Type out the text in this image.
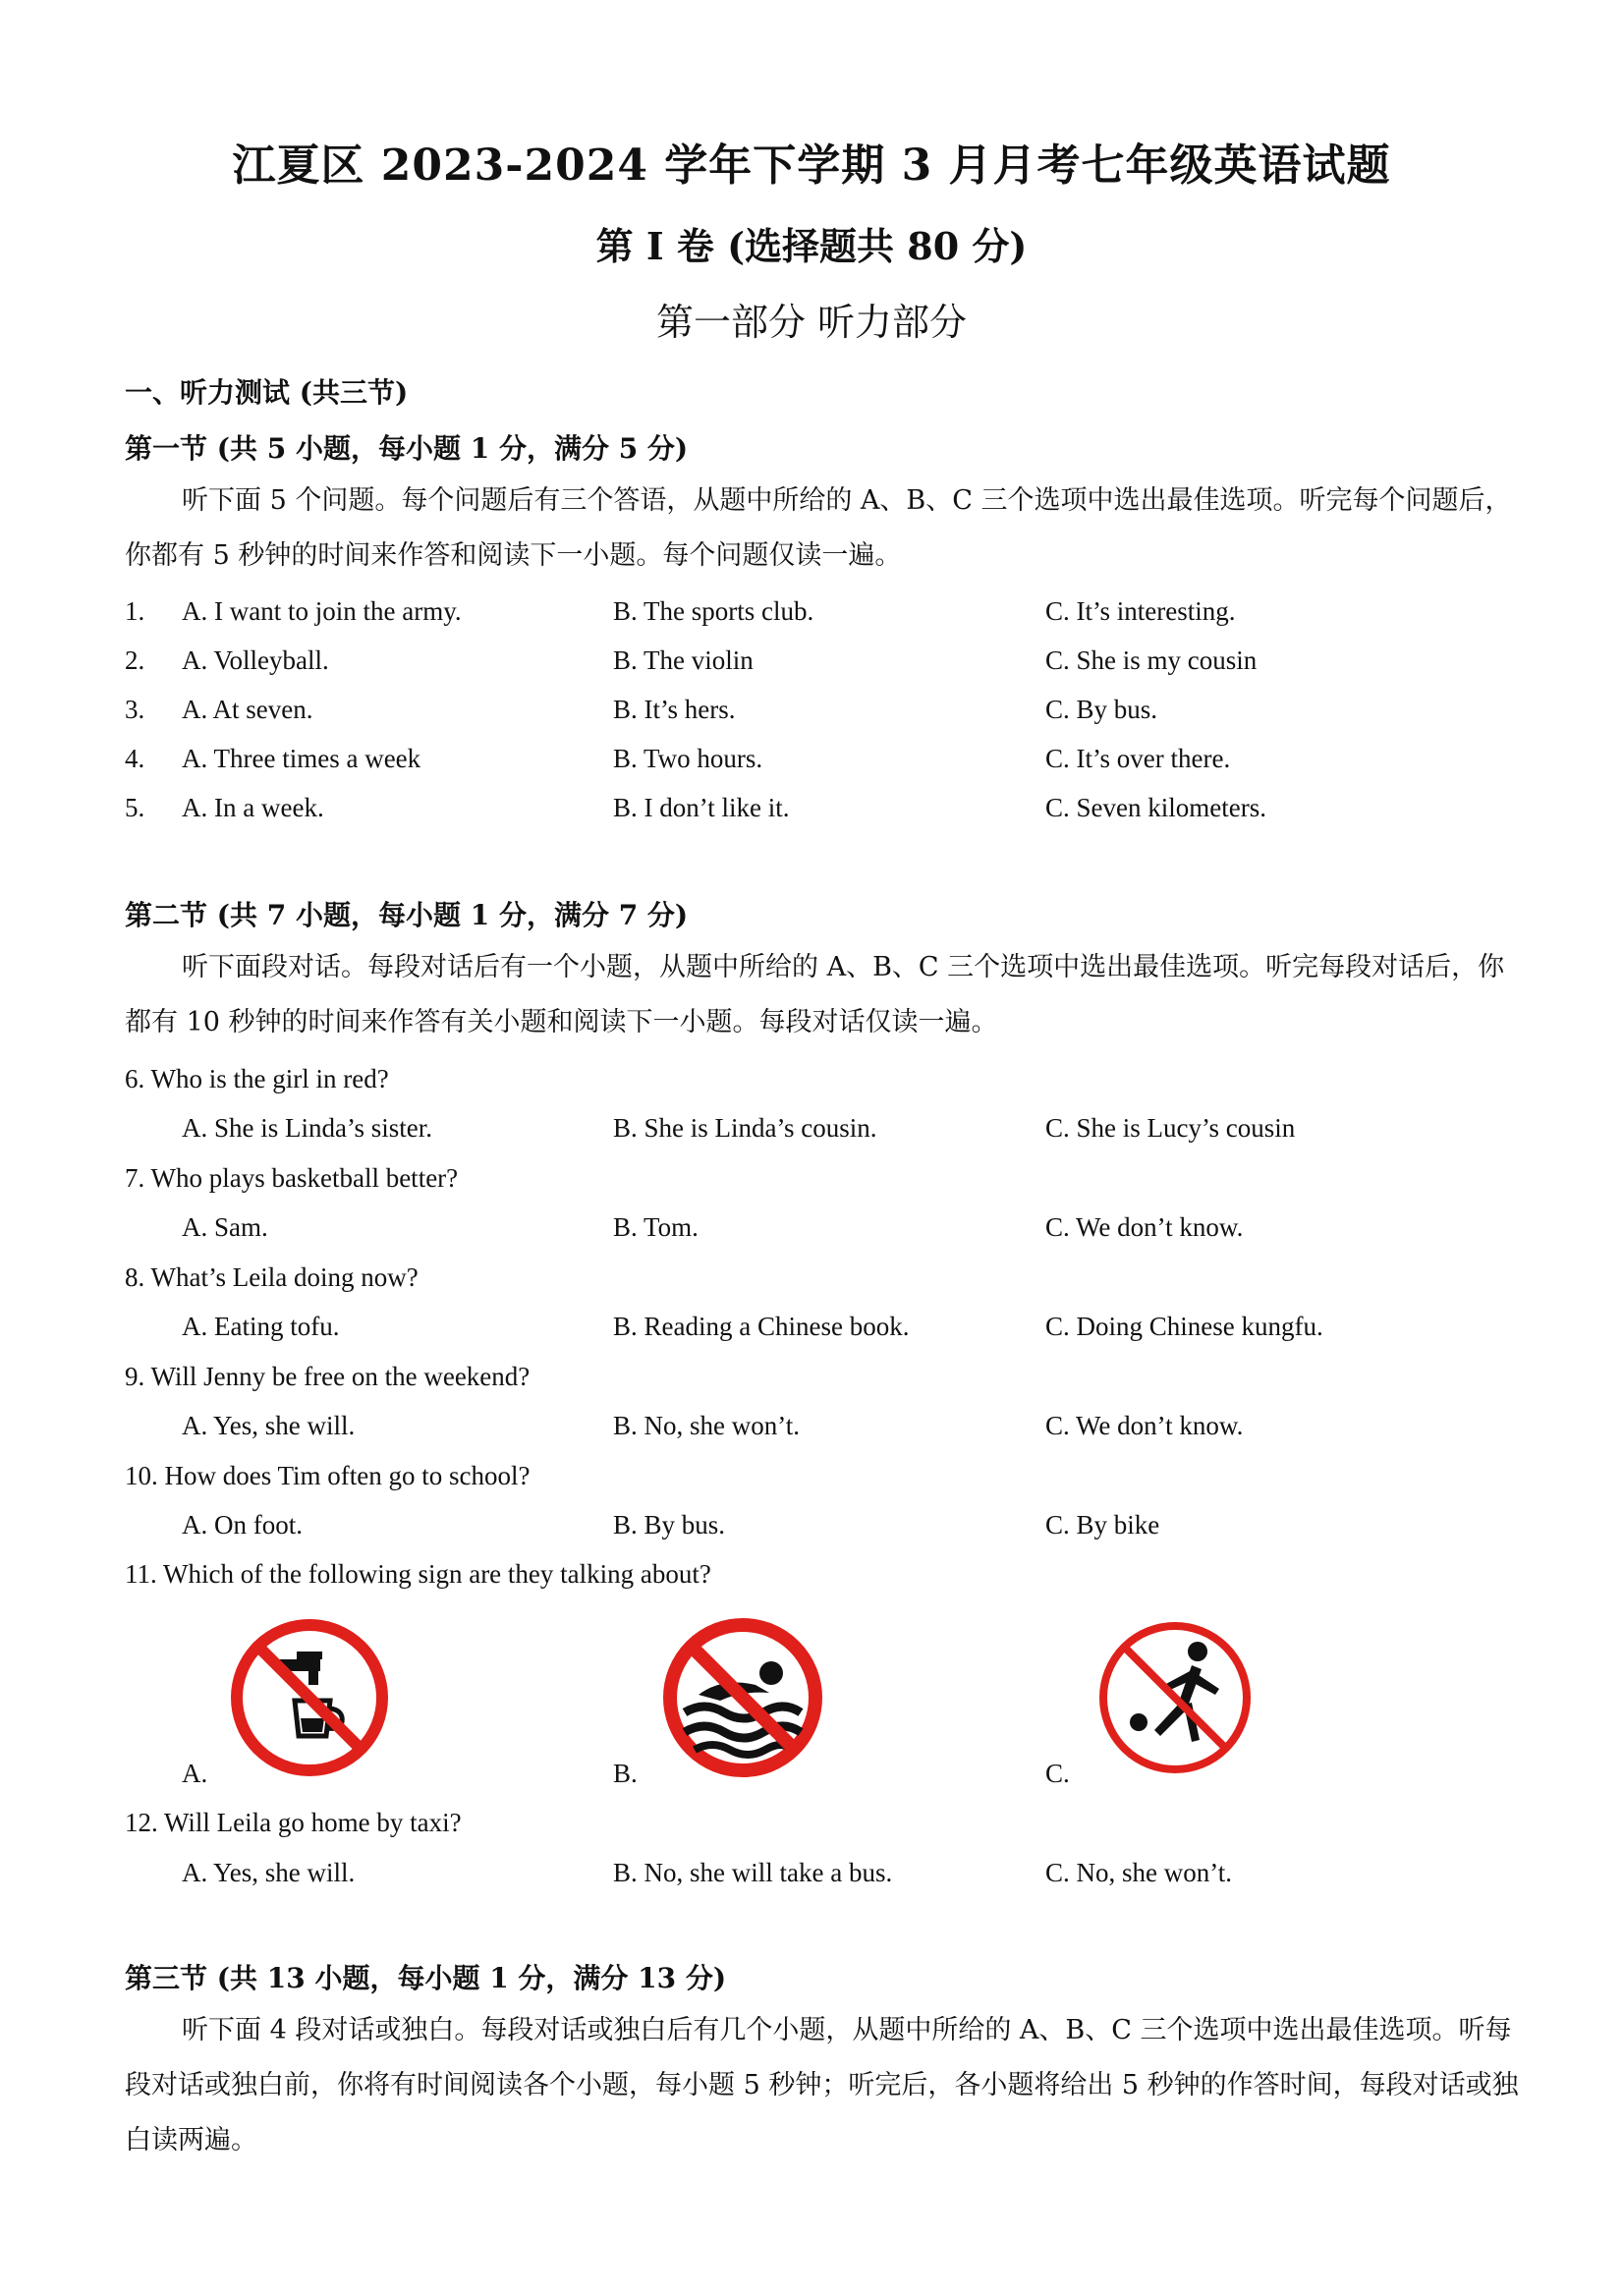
江夏区 2023-2024 学年下学期 3 月月考七年级英语试题
第 I 卷 (选择题共 80 分)
第一部分 听力部分
一、听力测试 (共三节)
第一节 (共 5 小题，每小题 1 分，满分 5 分)
听下面 5 个问题。每个问题后有三个答语，从题中所给的 A、B、C 三个选项中选出最佳选项。听完每个问题后，你都有 5 秒钟的时间来作答和阅读下一小题。每个问题仅读一遍。
1. A. I want to join the army.	B. The sports club.	C. It’s interesting.
2. A. Volleyball.	B. The violin	C. She is my cousin
3. A. At seven.	B. It’s hers.	C. By bus.
4. A. Three times a week	B. Two hours.	C. It’s over there.
5. A. In a week.	B. I don’t like it.	C. Seven kilometers.
第二节 (共 7 小题，每小题 1 分，满分 7 分)
听下面段对话。每段对话后有一个小题，从题中所给的 A、B、C 三个选项中选出最佳选项。听完每段对话后，你都有 10 秒钟的时间来作答有关小题和阅读下一小题。每段对话仅读一遍。
6. Who is the girl in red?
A. She is Linda’s sister.	B. She is Linda’s cousin.	C. She is Lucy’s cousin
7. Who plays basketball better?
A. Sam.	B. Tom.	C. We don’t know.
8. What’s Leila doing now?
A. Eating tofu.	B. Reading a Chinese book.	C. Doing Chinese kungfu.
9. Will Jenny be free on the weekend?
A. Yes, she will.	B. No, she won’t.	C. We don’t know.
10. How does Tim often go to school?
A. On foot.	B. By bus.	C. By bike
11. Which of the following sign are they talking about?
A.	B.	C.
12. Will Leila go home by taxi?
A. Yes, she will.	B. No, she will take a bus.	C. No, she won’t.
第三节 (共 13 小题，每小题 1 分，满分 13 分)
听下面 4 段对话或独白。每段对话或独白后有几个小题，从题中所给的 A、B、C 三个选项中选出最佳选项。听每段对话或独白前，你将有时间阅读各个小题，每小题 5 秒钟；听完后，各小题将给出 5 秒钟的作答时间，每段对话或独白读两遍。
